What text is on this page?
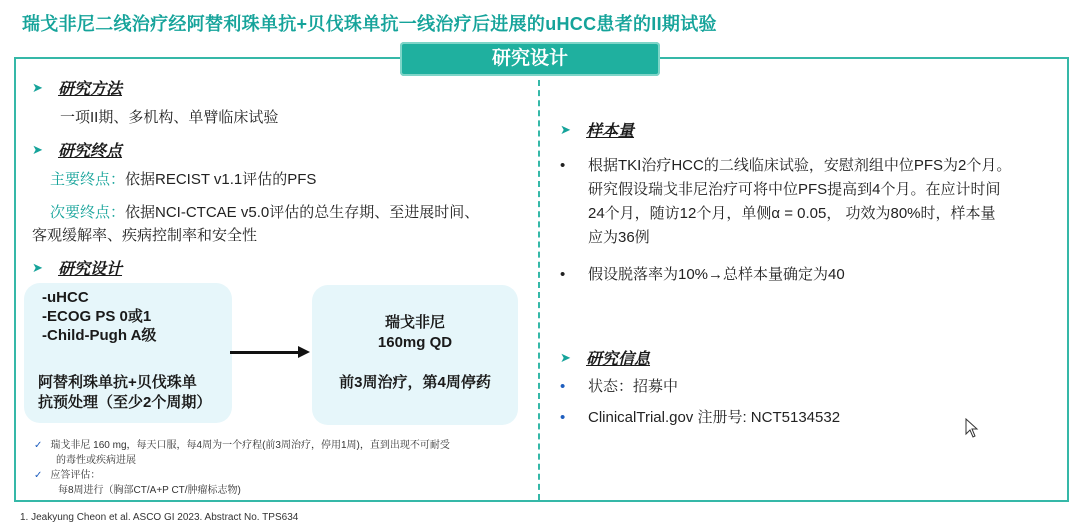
瑞戈非尼二线治疗经阿替利珠单抗+贝伐珠单抗一线治疗后进展的uHCC患者的II期试验
研究设计
➤ 研究方法
一项II期、多机构、单臂临床试验
➤ 研究终点
主要终点：依据RECIST v1.1评估的PFS
次要终点：依据NCI-CTCAE v5.0评估的总生存期、至进展时间、
客观缓解率、疾病控制率和安全性
➤ 研究设计
-uHCC
-ECOG PS 0或1
-Child-Pugh A级
阿替利珠单抗+贝伐珠单
抗预处理（至少2个周期）
瑞戈非尼
160mg QD
前3周治疗，第4周停药
✓ 瑞戈非尼 160 mg，每天口服，每4周为一个疗程(前3周治疗，停用1周)，直到出现不可耐受
的毒性或疾病进展
✓ 应答评估：
每8周进行（胸部CT/A+P CT/肿瘤标志物)
➤ 样本量
• 根据TKI治疗HCC的二线临床试验，安慰剂组中位PFS为2个月。
研究假设瑞戈非尼治疗可将中位PFS提高到4个月。在应计时间
24个月，随访12个月，单侧α = 0.05， 功效为80%时，样本量
应为36例
• 假设脱落率为10%→总样本量确定为40
➤ 研究信息
• 状态：招募中
• ClinicalTrial.gov 注册号: NCT5134532
1. Jeakyung Cheon et al. ASCO GI 2023. Abstract No. TPS634
